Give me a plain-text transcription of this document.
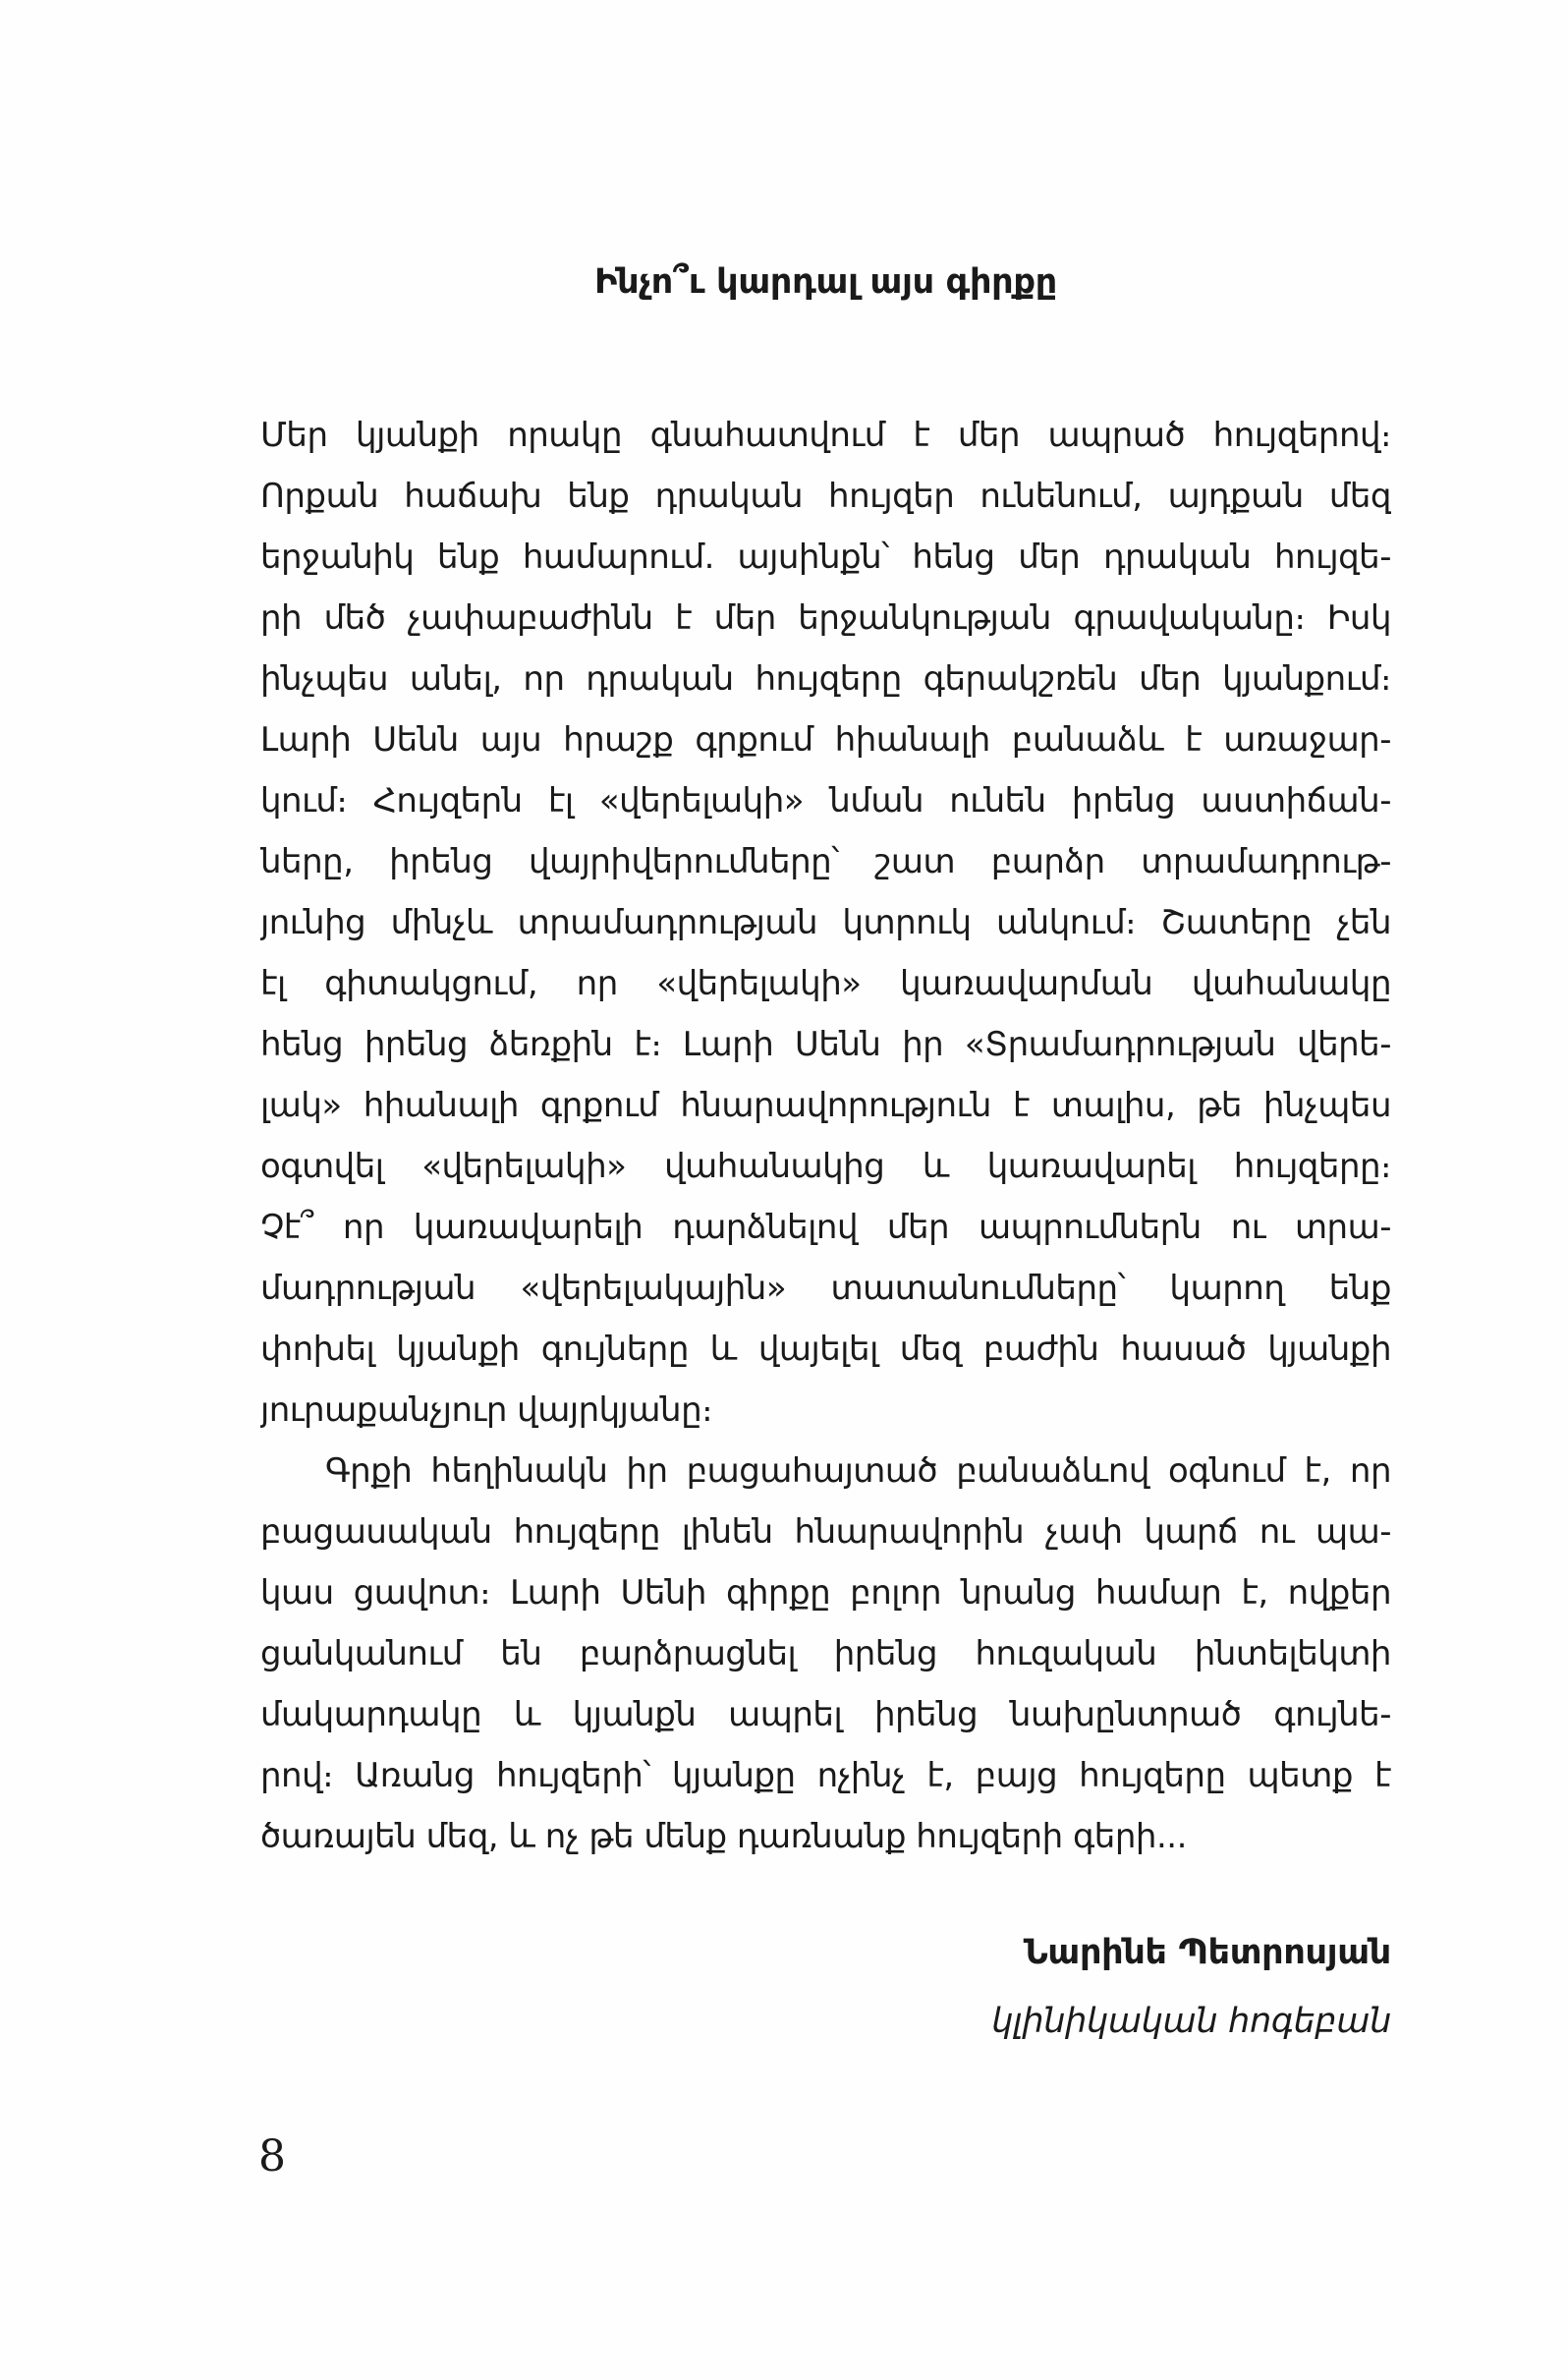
Ինչո՞ւ կարդալ այս գիրքը
Մեր կյանքի որակը գնահատվում է մեր ապրած հույզերով։
Որքան հաճախ ենք դրական հույզեր ունենում, այդքան մեզ
երջանիկ ենք համարում. այսինքն՝ հենց մեր դրական հույզե-
րի մեծ չափաբաժինն է մեր երջանկության գրավականը։ Իսկ
ինչպես անել, որ դրական հույզերը գերակշռեն մեր կյանքում։
Լարի Սենն այս հրաշք գրքում հիանալի բանաձև է առաջար-
կում։ Հույզերն էլ «վերելակի» նման ունեն իրենց աստիճան-
ները, իրենց վայրիվերումները՝ շատ բարձր տրամադրութ-
յունից մինչև տրամադրության կտրուկ անկում։ Շատերը չեն
էլ գիտակցում, որ «վերելակի» կառավարման վահանակը
հենց իրենց ձեռքին է։ Լարի Սենն իր «Տրամադրության վերե-
լակ» հիանալի գրքում հնարավորություն է տալիս, թե ինչպես
օգտվել «վերելակի» վահանակից և կառավարել հույզերը։
Չէ՞ որ կառավարելի դարձնելով մեր ապրումներն ու տրա-
մադրության «վերելակային» տատանումները՝ կարող ենք
փոխել կյանքի գույները և վայելել մեզ բաժին հասած կյանքի
յուրաքանչյուր վայրկյանը։
Գրքի հեղինակն իր բացահայտած բանաձևով օգնում է, որ
բացասական հույզերը լինեն հնարավորին չափ կարճ ու պա-
կաս ցավոտ։ Լարի Սենի գիրքը բոլոր նրանց համար է, ովքեր
ցանկանում են բարձրացնել իրենց հուզական ինտելեկտի
մակարդակը և կյանքն ապրել իրենց նախընտրած գույնե-
րով։ Առանց հույզերի՝ կյանքը ոչինչ է, բայց հույզերը պետք է
ծառայեն մեզ, և ոչ թե մենք դառնանք հույզերի գերի...
Նարինե Պետրոսյան
կլինիկական հոգեբան
8
